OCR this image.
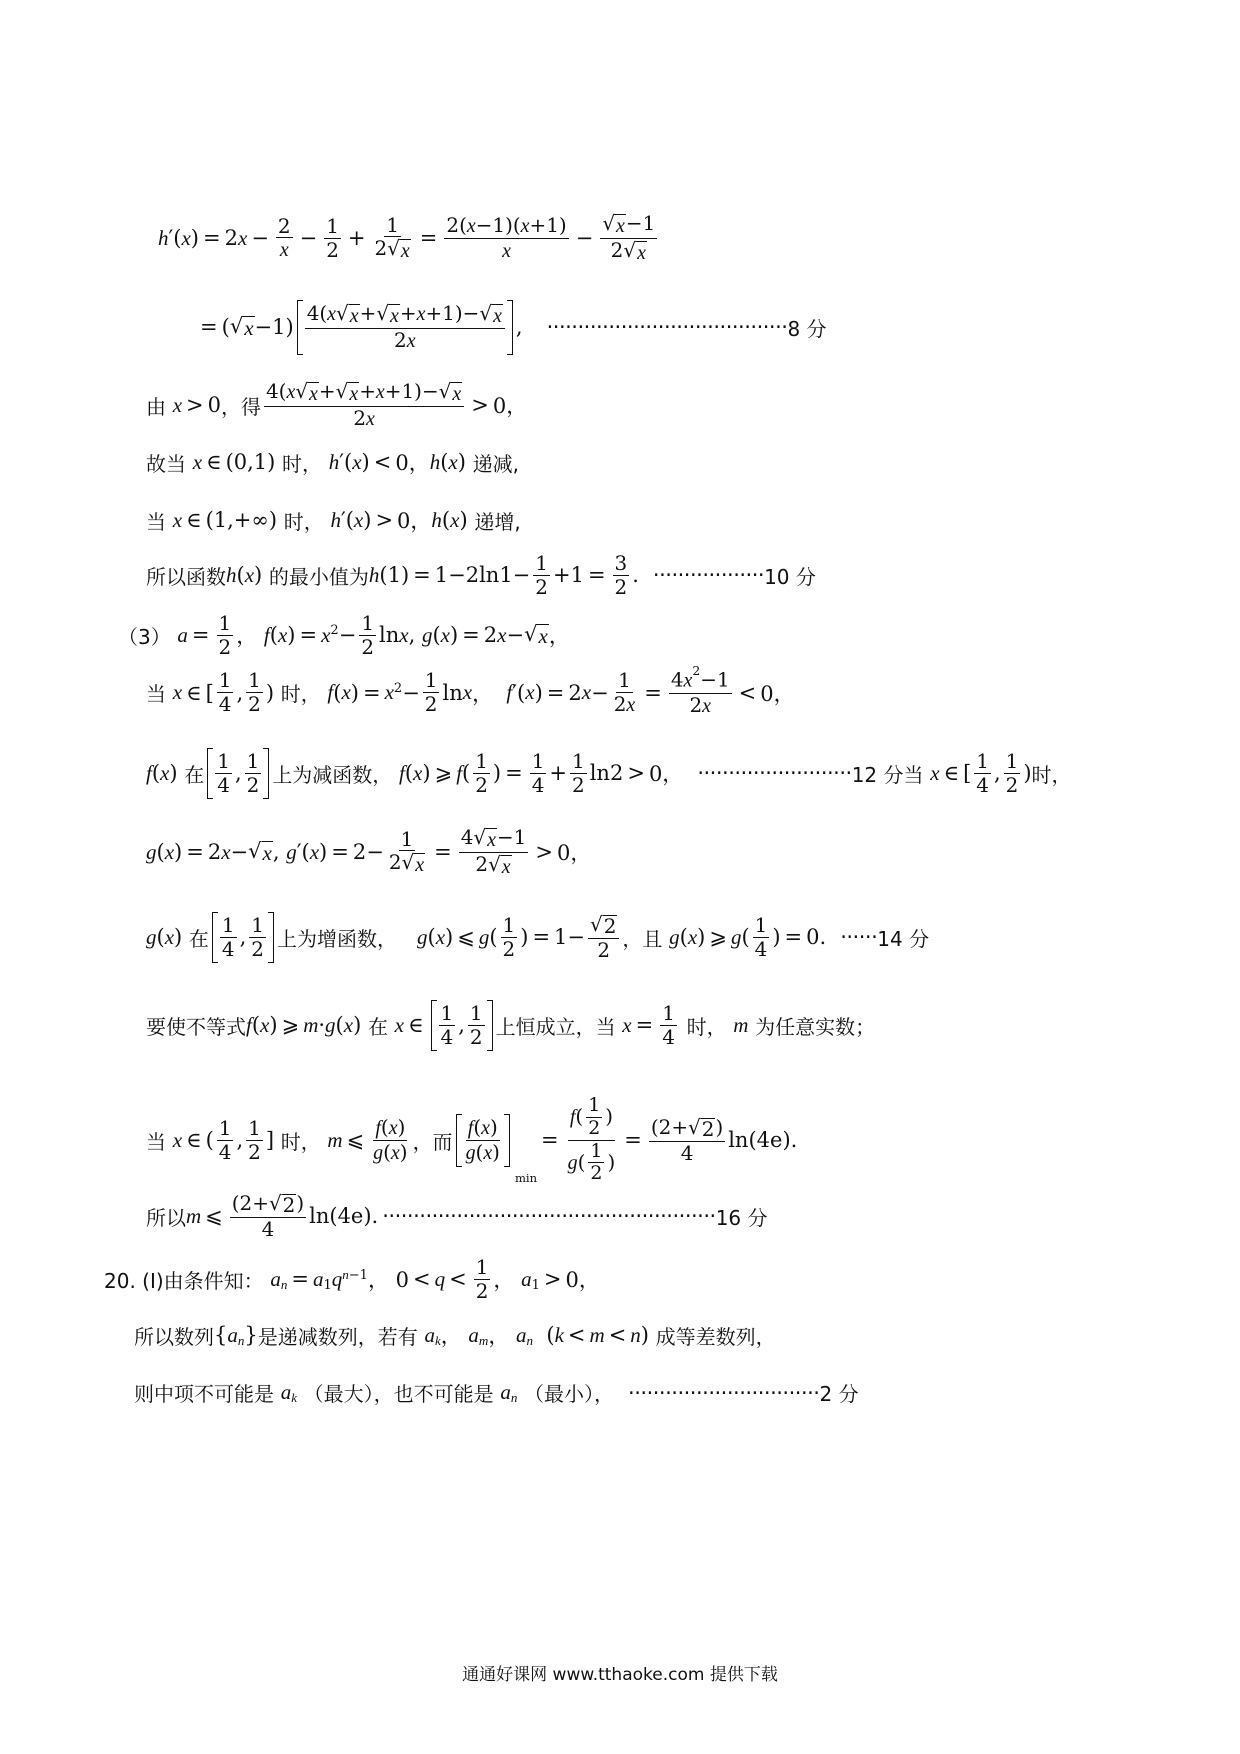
h ′( x ) = 2 $x - \frac{2}{x} - \frac{1}{2} + \frac{1}{2 √ x} = \frac{2(x-1)(x+1)}{x} - \frac{√ x -1}{2 √ x}$
= ( √ $x -1) \frac{4(x √ x + √ x +x+1)- √ x}{2x}$ , ······································· 8 分
由
x > 0 ，得 $\frac{4(x √ x + √ x +x+1)- √ x}{2x} > 0$，
故当
x ∈ (0,1) 时，
h ′( x ) < 0， h ( x ) 递减,
当
x ∈ (1,+∞) 时，
h ′( x ) > 0， h ( x ) 递增,
所以函数 h ( x ) 的最小值为 h $(1) = 1-2\ln 1- \frac{1}{2} +1 = \frac{3}{2}$ . ·················· 10 分
（3）
$a = \frac{1}{2}$ ， f ( x ) = x $2 - \frac{1}{2}$ ln x , g ( x ) = 2 x − √ x ，
当
x ∈ [ $\frac{1}{4}$ , $\frac{1}{2}$ ) 时，
f ( x ) = x $2 - \frac{1}{2}$ ln x ， f ′( x ) = 2 $x - \frac{1}{2x} = \frac{4x^2-1}{2x} < 0$，
f ( x ) 在 $\frac{1}{4}$ , $\frac{1}{2}$ 上为减函数，
f ( x ) ⩾ f ( $\frac{1}{2}$ ) = $\frac{1}{4} + \frac{1}{2} \ln 2 > 0$， ························· 12 分 当
x ∈ [ $\frac{1}{4}$ , $\frac{1}{2}$ ) 时，
g ( x ) = 2 x − √ x , g ′( x ) = $2- \frac{1}{2 √ x} = \frac{4 √ x -1}{2 √ x} > 0$，
g ( x ) 在 $\frac{1}{4}$ , $\frac{1}{2}$ 上为增函数，
g ( x ) ⩽ g ( $\frac{1}{2}$ ) = $1- \frac{√ 2}{2}$ ，且
g ( x ) ⩾ g ( $\frac{1}{4}$ ) = 0. ······ 14 分
要使不等式 f ( x ) ⩾ m · g ( x ) 在
x ∈ $\frac{1}{4}$ , $\frac{1}{2}$ 上恒成立，当
$x = \frac{1}{4}$
时，
m
为任意实数；
当
x ∈ ( $\frac{1}{4}$ , $\frac{1}{2}$ ] 时，
m ⩽ $\frac{f(x)}{g(x)}$ ，而 $\frac{f(x)}{g(x)}$
min
= $\frac{f( \frac{1}{2} )}{g( \frac{1}{2} )} = \frac{(2+ √ 2 )}{4} \ln(4e)$.
所以 m ⩽ $\frac{(2+ √ 2 )}{4} \ln(4e)$. ······················································ 16 分
20. (I)由条件知：
a n = a 1 q n−1 ， $0 < q < \frac{1}{2}$ ， a 1 > 0，
所以数列 { a n } 是递减数列，若有
a k ， a m ， a n ( k < m < n ) 成等差数列，
则中项不可能是
a k
（最大），也不可能是
a n
（最小）， ······························· 2 分
通通好课网 www.tthaoke.com 提供下载
